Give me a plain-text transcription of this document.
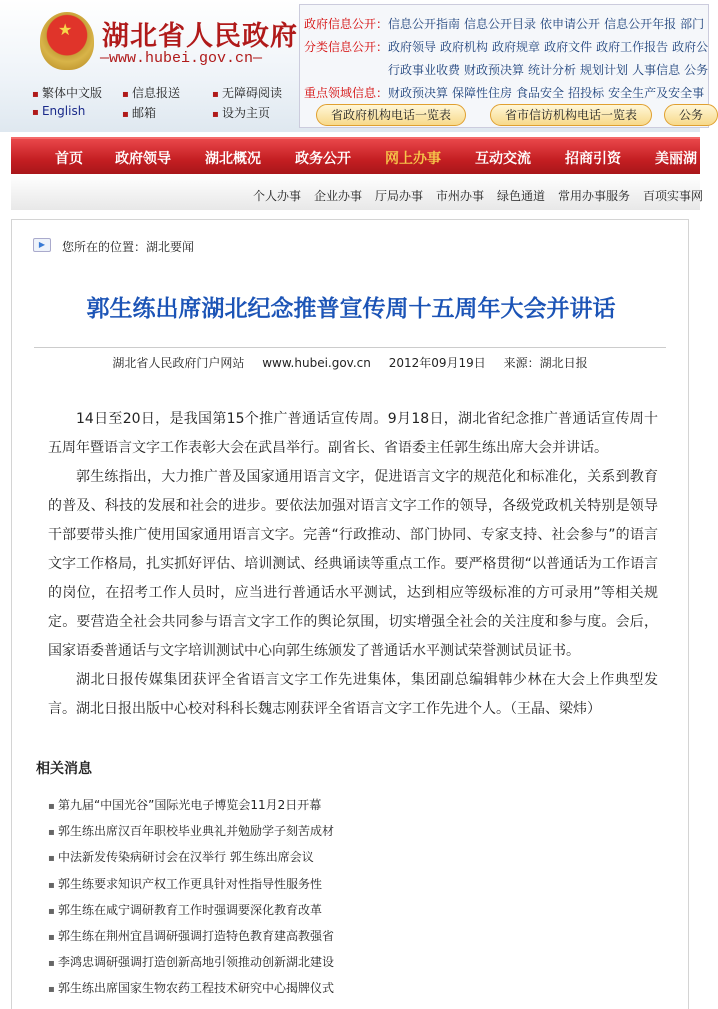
★ 湖北省人民政府
—www.hubei.gov.cn—
▪ 繁体中文版	▪ 信息报送	▪ 无障碍阅读
▪ English	▪ 邮箱	▪ 设为主页
政府信息公开：信息公开指南 信息公开目录 依申请公开 信息公开年报 部门
分类信息公开：政府领导 政府机构 政府规章 政府文件 政府工作报告 政府公
行政事业收费 财政预决算 统计分析 规划计划 人事信息 公务
重点领域信息：财政预决算 保障性住房 食品安全 招投标 安全生产及安全事
省政府机构电话一览表	省市信访机构电话一览表	公务
首页 政府领导 湖北概况 政务公开 网上办事 互动交流 招商引资 美丽湖
个人办事 企业办事 厅局办事 市州办事 绿色通道 常用办事服务 百项实事网
▶	您所在的位置：湖北要闻
郭生练出席湖北纪念推普宣传周十五周年大会并讲话
湖北省人民政府门户网站 www.hubei.gov.cn 2012年09月19日 来源：湖北日报

14日至20日，是我国第15个推广普通话宣传周。9月18日，湖北省纪念推广普通话宣传周十五周年暨语言文字工作表彰大会在武昌举行。副省长、省语委主任郭生练出席大会并讲话。

郭生练指出，大力推广普及国家通用语言文字，促进语言文字的规范化和标准化，关系到教育的普及、科技的发展和社会的进步。要依法加强对语言文字工作的领导，各级党政机关特别是领导干部要带头推广使用国家通用语言文字。完善“行政推动、部门协同、专家支持、社会参与”的语言文字工作格局，扎实抓好评估、培训测试、经典诵读等重点工作。要严格贯彻“以普通话为工作语言的岗位，在招考工作人员时，应当进行普通话水平测试，达到相应等级标准的方可录用”等相关规定。要营造全社会共同参与语言文字工作的舆论氛围，切实增强全社会的关注度和参与度。会后，国家语委普通话与文字培训测试中心向郭生练颁发了普通话水平测试荣誉测试员证书。

湖北日报传媒集团获评全省语言文字工作先进集体，集团副总编辑韩少林在大会上作典型发言。湖北日报出版中心校对科科长魏志刚获评全省语言文字工作先进个人。（王晶、梁炜）

相关消息
▪ 第九届“中国光谷”国际光电子博览会11月2日开幕
▪ 郭生练出席汉百年职校毕业典礼并勉励学子刻苦成材
▪ 中法新发传染病研讨会在汉举行 郭生练出席会议
▪ 郭生练要求知识产权工作更具针对性指导性服务性
▪ 郭生练在咸宁调研教育工作时强调要深化教育改革
▪ 郭生练在荆州宜昌调研强调打造特色教育建高教强省
▪ 李鸿忠调研强调打造创新高地引领推动创新湖北建设
▪ 郭生练出席国家生物农药工程技术研究中心揭牌仪式
